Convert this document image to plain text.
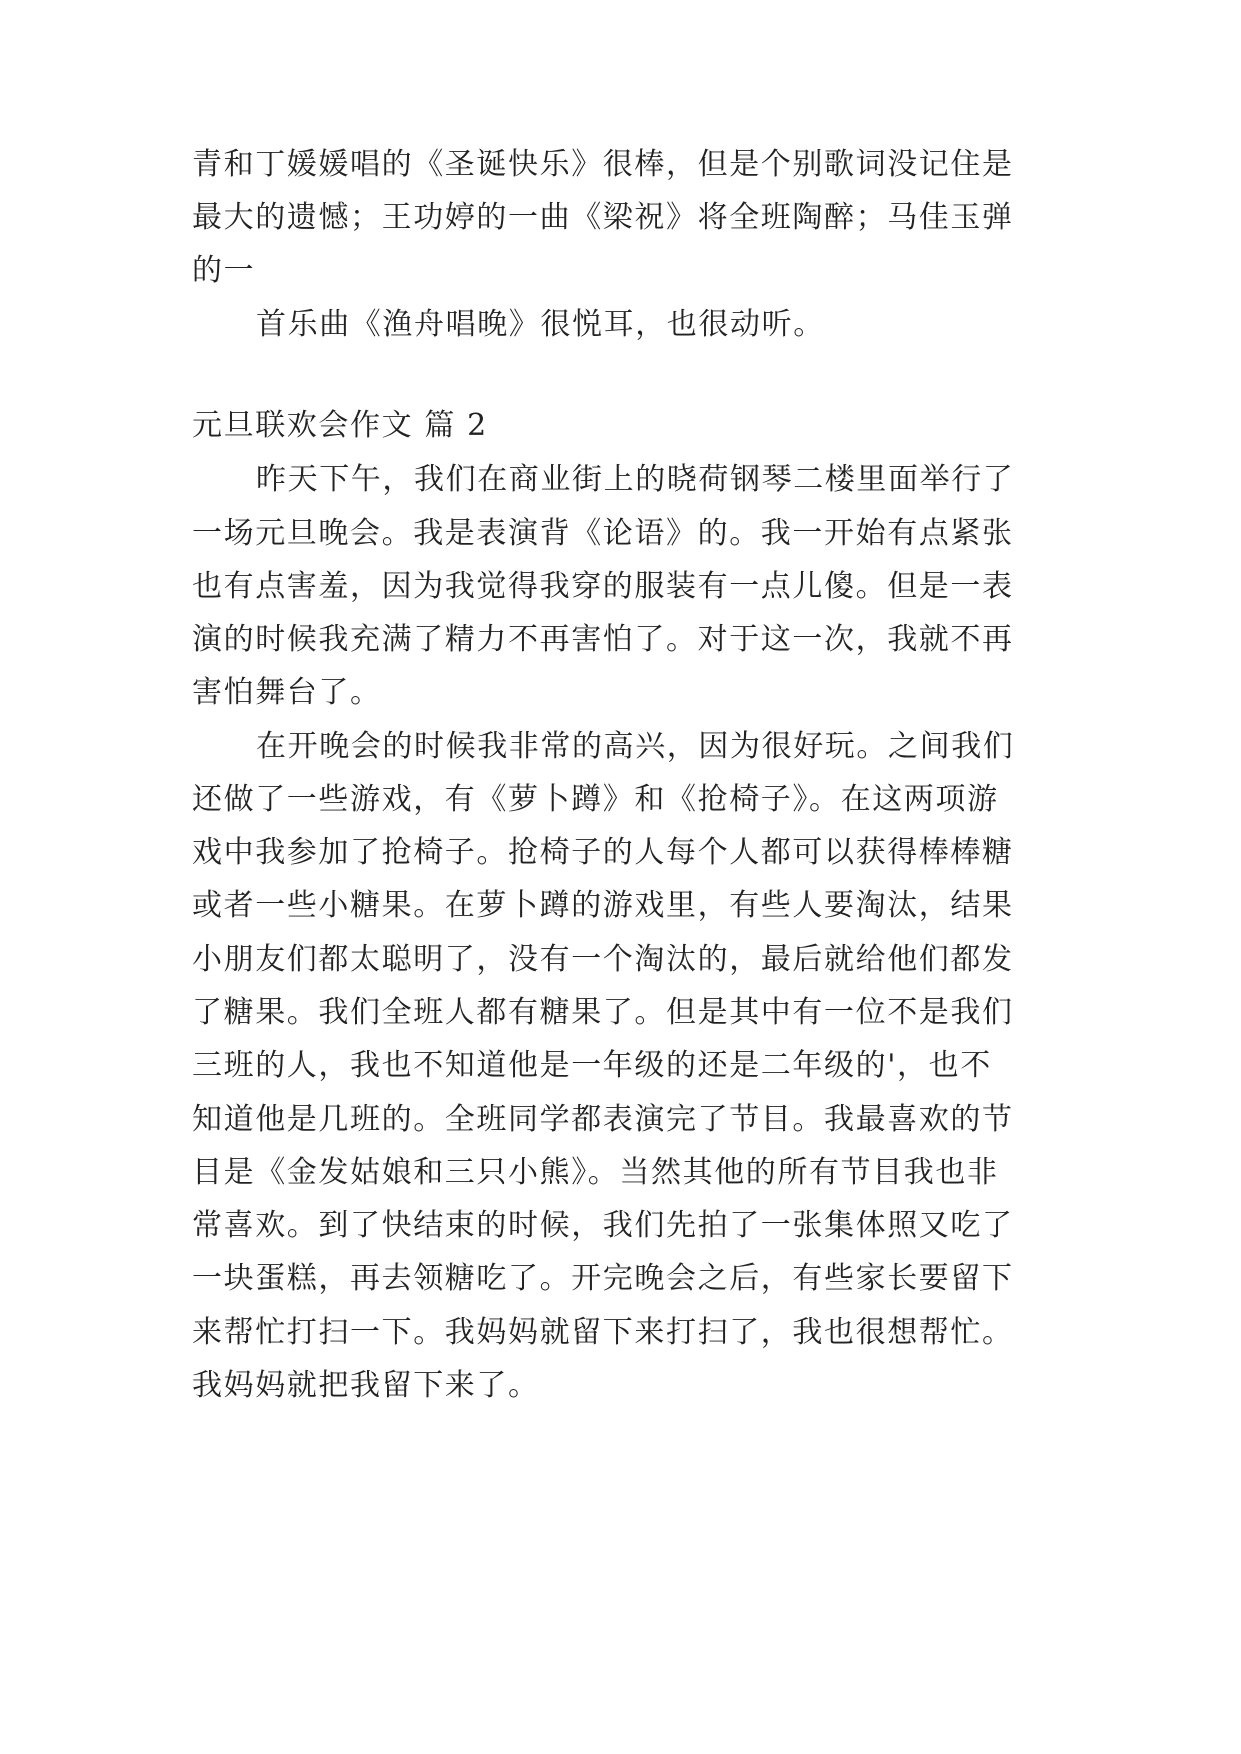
青和丁媛媛唱的《圣诞快乐》很棒，但是个别歌词没记住是
最大的遗憾；王功婷的一曲《梁祝》将全班陶醉；马佳玉弹
的一
首乐曲《渔舟唱晚》很悦耳，也很动听。
元旦联欢会作文 篇 2
昨天下午，我们在商业街上的晓荷钢琴二楼里面举行了
一场元旦晚会。我是表演背《论语》的。我一开始有点紧张
也有点害羞，因为我觉得我穿的服装有一点儿傻。但是一表
演的时候我充满了精力不再害怕了。对于这一次，我就不再
害怕舞台了。
在开晚会的时候我非常的高兴，因为很好玩。之间我们
还做了一些游戏，有《萝卜蹲》和《抢椅子》。在这两项游
戏中我参加了抢椅子。抢椅子的人每个人都可以获得棒棒糖
或者一些小糖果。在萝卜蹲的游戏里，有些人要淘汰，结果
小朋友们都太聪明了，没有一个淘汰的，最后就给他们都发
了糖果。我们全班人都有糖果了。但是其中有一位不是我们
三班的人，我也不知道他是一年级的还是二年级的'，也不
知道他是几班的。全班同学都表演完了节目。我最喜欢的节
目是《金发姑娘和三只小熊》。当然其他的所有节目我也非
常喜欢。到了快结束的时候，我们先拍了一张集体照又吃了
一块蛋糕，再去领糖吃了。开完晚会之后，有些家长要留下
来帮忙打扫一下。我妈妈就留下来打扫了，我也很想帮忙。
我妈妈就把我留下来了。
